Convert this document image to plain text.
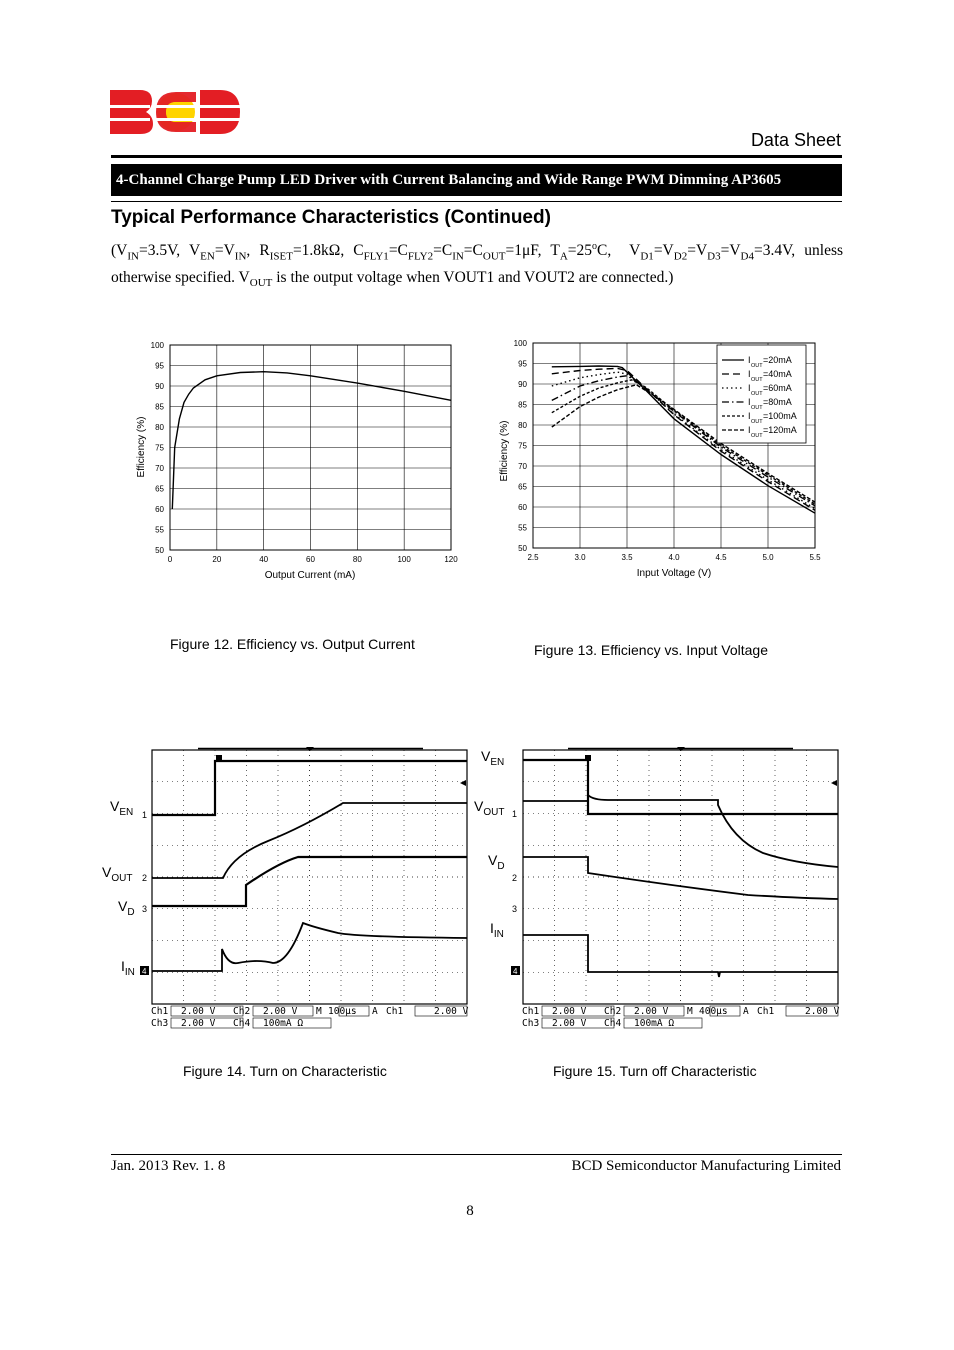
BCD
Data Sheet
4-Channel Charge Pump LED Driver with Current Balancing and Wide Range PWM Dimming AP3605
Typical Performance Characteristics (Continued)
($V_{IN}=3.5V$, $V_{EN}=V_{IN}$, $R_{ISET}=1.8k\Omega$, $C_{FLY1}=C_{FLY2}=C_{IN}=C_{OUT}=1\mu F$, $T_A=25^oC$,  $V_{D1}=V_{D2}=V_{D3}=V_{D4}=3.4V$, unless otherwise specified. $V_{OUT}$ is the output voltage when VOUT1 and VOUT2 are connected.)
50
55
60
65
70
75
80
85
90
95
100
0	20	40	60	80	100	120
Output Current (mA)
Efficiency (%)
50
55
60
65
70
75
80
85
90
95
100
2.5	3.0	3.5	4.0	4.5	5.0	5.5
I
OUT
=20mA
I
OUT
=40mA
I
OUT
=60mA
I
OUT
=80mA
I
OUT
=100mA
I
OUT
=120mA
Input Voltage (V)
Efficiency (%)
Figure 12. Efficiency vs. Output Current	Figure 13. Efficiency vs. Input Voltage
$V_{EN}$
$V_{OUT}$
$V_D$
$I_{IN}$
1
2
3
4
Ch1 2.00 V Ch2 2.00 V M 100μs A Ch1	2.00 V
Ch3 2.00 V Ch4 100mA Ω
$V_{EN}$
$V_{OUT}$
$V_D$
$I_{IN}$
1
2
3
4
Ch1 2.00 V Ch2 2.00 V M 400μs A Ch1	2.00 V
Ch3 2.00 V Ch4 100mA Ω
Figure 14. Turn on Characteristic	Figure 15. Turn off Characteristic
Jan. 2013 Rev. 1. 8	BCD Semiconductor Manufacturing Limited
8
